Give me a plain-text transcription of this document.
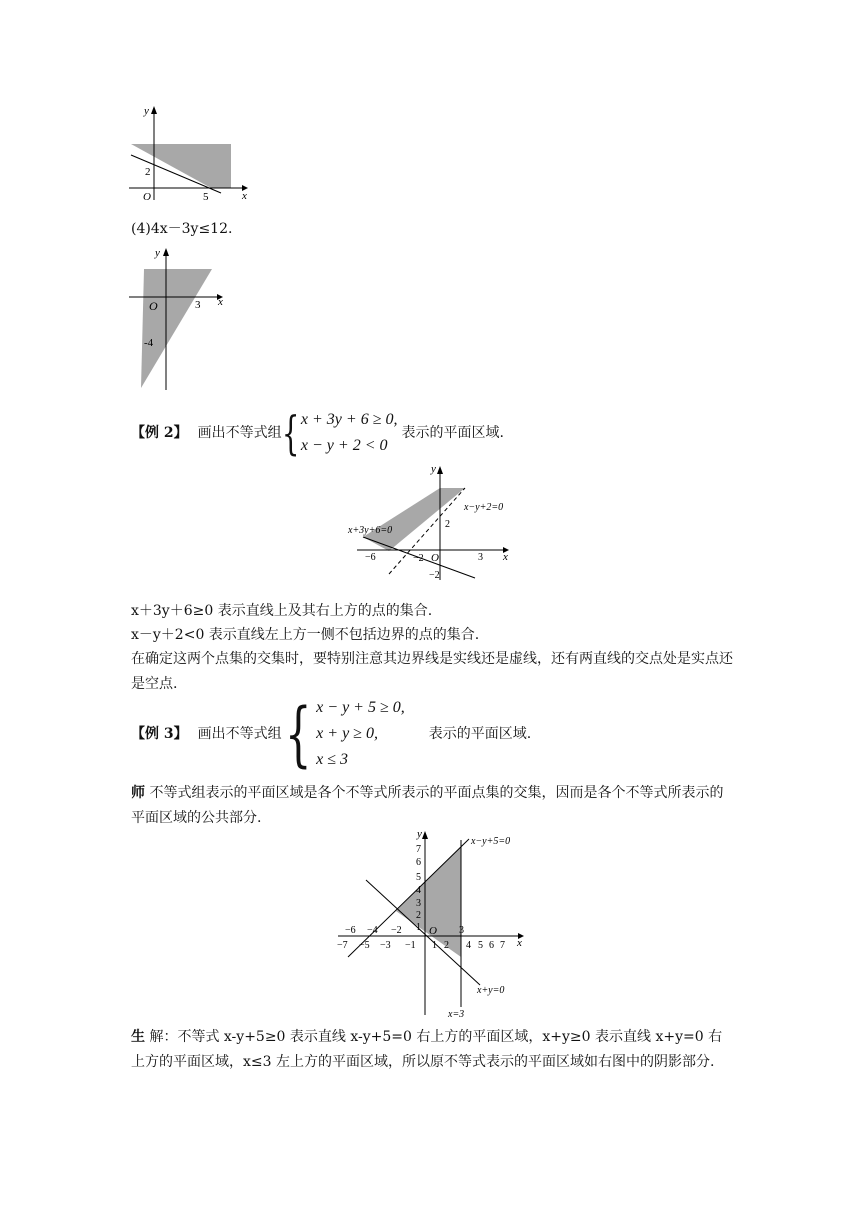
y
x
O
2
5
(4)4x－3y≤12.
y
x
O	3
-4
【例 2】 画出不等式组 { x + 3y + 6 ≥ 0,
x − y + 2 < 0
表示的平面区域.
y
x
O
x−y+2=0
x+3y+6=0
−6	−2	3
2
−2
x＋3y＋6≥0 表示直线上及其右上方的点的集合.
x－y＋2<0 表示直线左上方一侧不包括边界的点的集合.
在确定这两个点集的交集时，要特别注意其边界线是实线还是虚线，还有两直线的交点处是实点还是空点.
【例 3】 画出不等式组 { x − y + 5 ≥ 0,
x + y ≥ 0,
x ≤ 3
表示的平面区域.
师 不等式组表示的平面区域是各个不等式所表示的平面点集的交集，因而是各个不等式所表示的平面区域的公共部分.
y
x
O
x−y+5=0
x+y=0
x=3
7
6
5
4
3
2
1
1 2
3
4 5 6 7
−6 −4 −2
−7 −5 −3 −1
生 解：不等式 x-y+5≥0 表示直线 x-y+5=0 右上方的平面区域，x+y≥0 表示直线 x+y=0 右上方的平面区域，x≤3 左上方的平面区域，所以原不等式表示的平面区域如右图中的阴影部分.
